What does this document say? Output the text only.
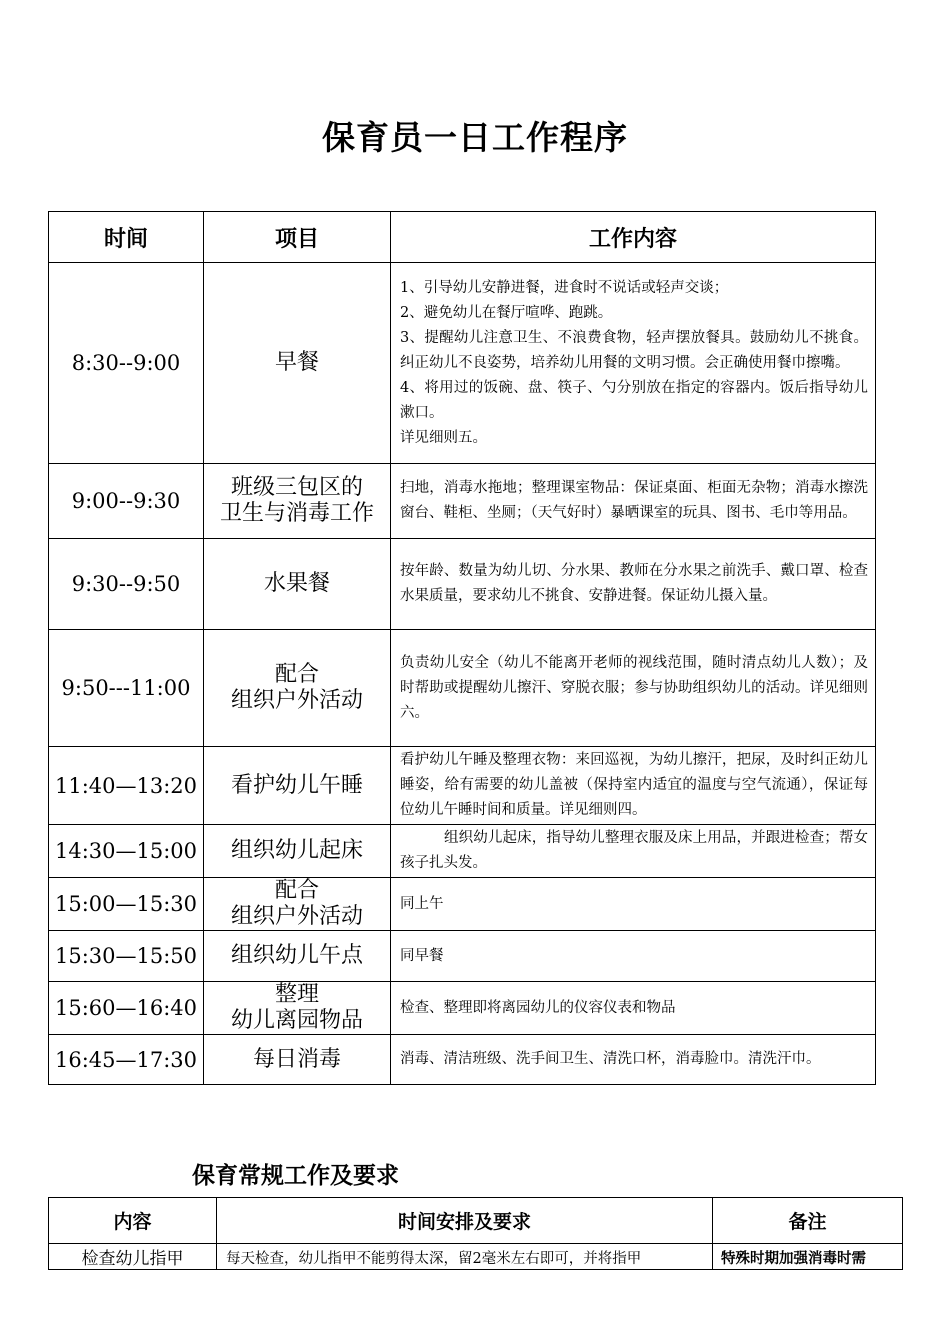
保育员一日工作程序
时间	项目	工作内容
8:30--9:00	早餐	1、引导幼儿安静进餐，进食时不说话或轻声交谈；
2、避免幼儿在餐厅喧哗、跑跳。
3、提醒幼儿注意卫生、不浪费食物，轻声摆放餐具。鼓励幼儿不挑食。纠正幼儿不良姿势，培养幼儿用餐的文明习惯。会正确使用餐巾擦嘴。
4、将用过的饭碗、盘、筷子、勺分别放在指定的容器内。饭后指导幼儿漱口。
详见细则五。

9:00--9:30	班级三包区的
卫生与消毒工作	扫地，消毒水拖地；整理课室物品：保证桌面、柜面无杂物；消毒水擦洗窗台、鞋柜、坐厕；（天气好时）暴晒课室的玩具、图书、毛巾等用品。

9:30--9:50	水果餐	按年龄、数量为幼儿切、分水果、教师在分水果之前洗手、戴口罩、检查水果质量，要求幼儿不挑食、安静进餐。保证幼儿摄入量。

9:50---11:00	配合
组织户外活动	负责幼儿安全（幼儿不能离开老师的视线范围，随时清点幼儿人数）；及时帮助或提醒幼儿擦汗、穿脱衣服；参与协助组织幼儿的活动。详见细则六。

11:40—13:20	看护幼儿午睡	看护幼儿午睡及整理衣物：来回巡视，为幼儿擦汗，把尿，及时纠正幼儿睡姿，给有需要的幼儿盖被（保持室内适宜的温度与空气流通），保证每位幼儿午睡时间和质量。详见细则四。

14:30—15:00	组织幼儿起床	组织幼儿起床，指导幼儿整理衣服及床上用品，并跟进检查；帮女孩子扎头发。

15:00—15:30	配合
组织户外活动	同上午

15:30—15:50	组织幼儿午点	同早餐

15:60—16:40	整理
幼儿离园物品	检查、整理即将离园幼儿的仪容仪表和物品

16:45—17:30	每日消毒	消毒、清洁班级、洗手间卫生、清洗口杯，消毒脸巾。清洗汗巾。
保育常规工作及要求
内容	时间安排及要求	备注
检查幼儿指甲	每天检查，幼儿指甲不能剪得太深，留2毫米左右即可，并将指甲	特殊时期加强消毒时需
